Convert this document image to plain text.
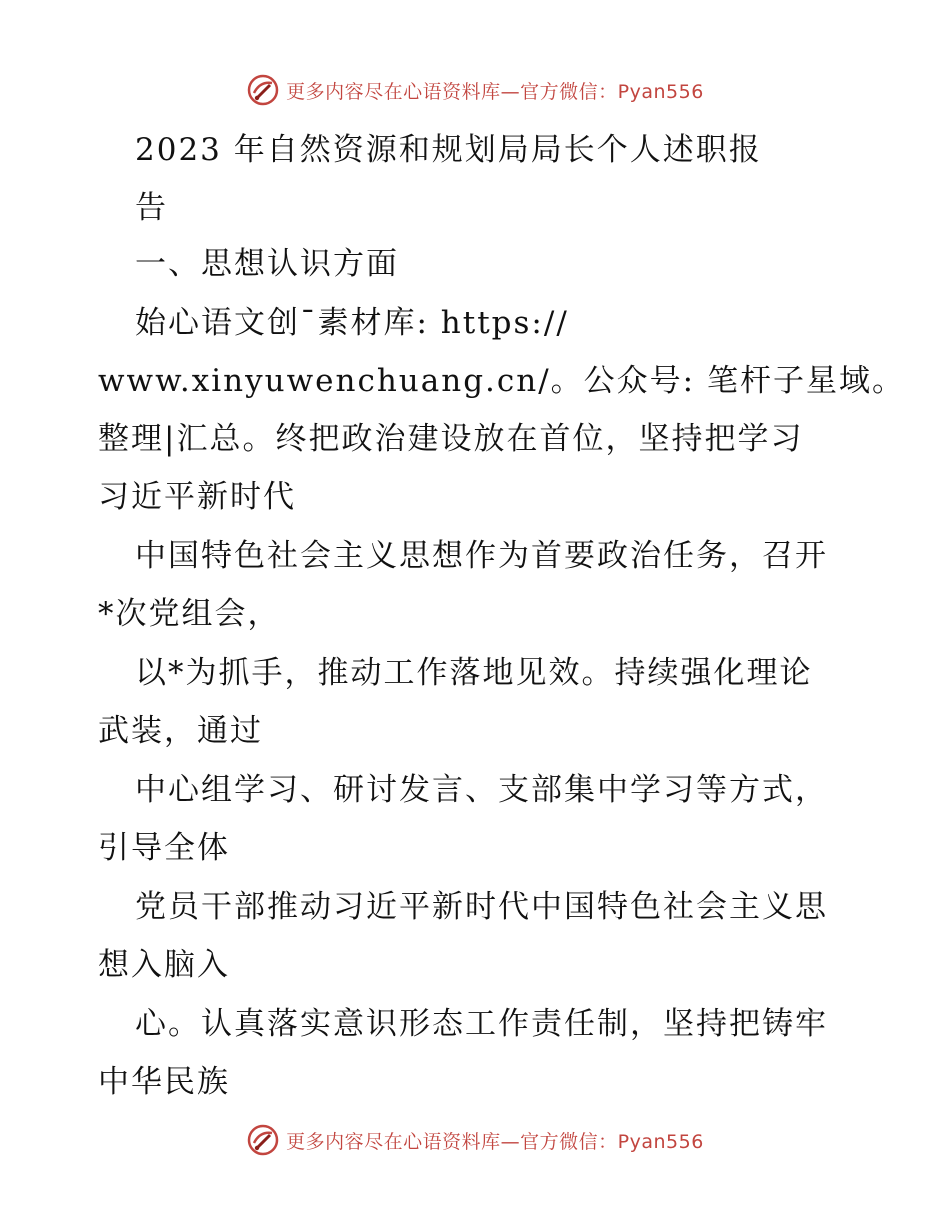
更多内容尽在心语资料库—官方微信：Pyan556
2023 年自然资源和规划局局长个人述职报
告
一、思想认识方面
始心语文创¯素材库: https://
www.xinyuwenchuang.cn/。公众号: 笔杆子星域。
整理|汇总。终把政治建设放在首位，坚持把学习
习近平新时代
中国特色社会主义思想作为首要政治任务，召开
*次党组会，
以*为抓手，推动工作落地见效。持续强化理论
武装，通过
中心组学习、研讨发言、支部集中学习等方式，
引导全体
党员干部推动习近平新时代中国特色社会主义思
想入脑入
心。认真落实意识形态工作责任制，坚持把铸牢
中华民族
更多内容尽在心语资料库—官方微信：Pyan556
